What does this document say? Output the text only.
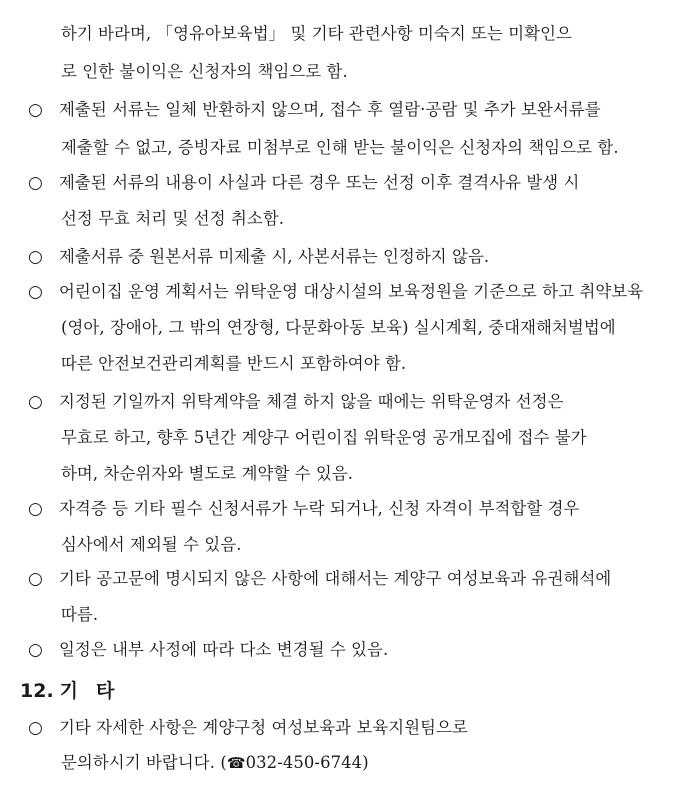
하기 바라며, 「영유아보육법」 및 기타 관련사항 미숙지 또는 미확인으
로 인한 불이익은 신청자의 책임으로 함.
○ 제출된 서류는 일체 반환하지 않으며, 접수 후 열람·공람 및 추가 보완서류를
제출할 수 없고, 증빙자료 미첨부로 인해 받는 불이익은 신청자의 책임으로 함.
○ 제출된 서류의 내용이 사실과 다른 경우 또는 선정 이후 결격사유 발생 시
선정 무효 처리 및 선정 취소함.
○ 제출서류 중 원본서류 미제출 시, 사본서류는 인정하지 않음.
○ 어린이집 운영 계획서는 위탁운영 대상시설의 보육정원을 기준으로 하고 취약보육
(영아, 장애아, 그 밖의 연장형, 다문화아동 보육) 실시계획, 중대재해처벌법에
따른 안전보건관리계획를 반드시 포함하여야 함.
○ 지정된 기일까지 위탁계약을 체결 하지 않을 때에는 위탁운영자 선정은
무효로 하고, 향후 5년간 계양구 어린이집 위탁운영 공개모집에 접수 불가
하며, 차순위자와 별도로 계약할 수 있음.
○ 자격증 등 기타 필수 신청서류가 누락 되거나, 신청 자격이 부적합할 경우
심사에서 제외될 수 있음.
○ 기타 공고문에 명시되지 않은 사항에 대해서는 계양구 여성보육과 유권해석에
따름.
○ 일정은 내부 사정에 따라 다소 변경될 수 있음.
12. 기 타
○ 기타 자세한 사항은 계양구청 여성보육과 보육지원팀으로
문의하시기 바랍니다. (☎032-450-6744)
